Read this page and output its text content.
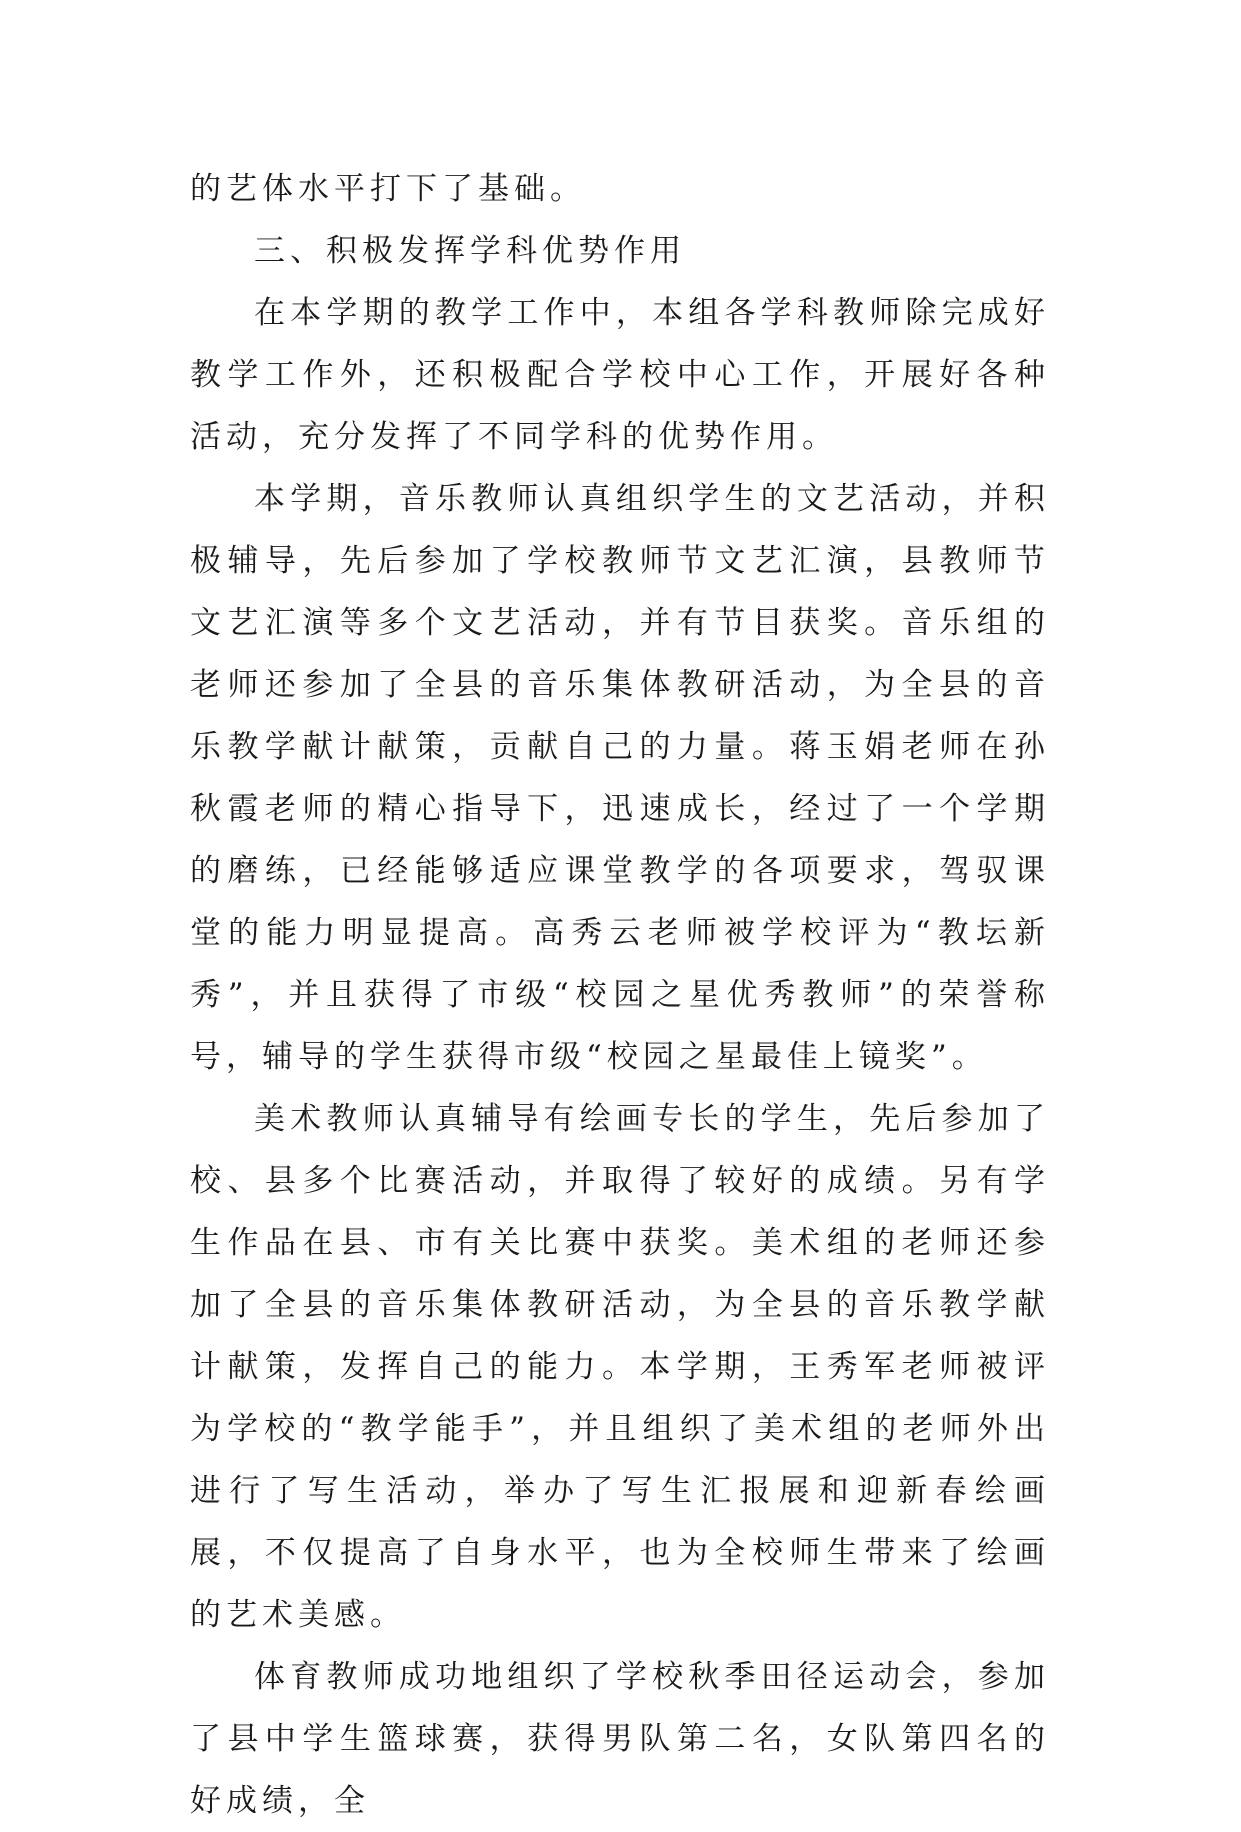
的艺体水平打下了基础。

三、积极发挥学科优势作用

在本学期的教学工作中，本组各学科教师除完成好教学工作外，还积极配合学校中心工作，开展好各种活动，充分发挥了不同学科的优势作用。

本学期，音乐教师认真组织学生的文艺活动，并积极辅导，先后参加了学校教师节文艺汇演，县教师节文艺汇演等多个文艺活动，并有节目获奖。音乐组的老师还参加了全县的音乐集体教研活动，为全县的音乐教学献计献策，贡献自己的力量。蒋玉娟老师在孙秋霞老师的精心指导下，迅速成长，经过了一个学期的磨练，已经能够适应课堂教学的各项要求，驾驭课堂的能力明显提高。高秀云老师被学校评为“教坛新秀”，并且获得了市级“校园之星优秀教师”的荣誉称号，辅导的学生获得市级“校园之星最佳上镜奖”。

美术教师认真辅导有绘画专长的学生，先后参加了校、县多个比赛活动，并取得了较好的成绩。另有学生作品在县、市有关比赛中获奖。美术组的老师还参加了全县的音乐集体教研活动，为全县的音乐教学献计献策，发挥自己的能力。本学期，王秀军老师被评为学校的“教学能手”，并且组织了美术组的老师外出进行了写生活动，举办了写生汇报展和迎新春绘画展，不仅提高了自身水平，也为全校师生带来了绘画的艺术美感。

体育教师成功地组织了学校秋季田径运动会，参加了县中学生篮球赛，获得男队第二名，女队第四名的好成绩，全
